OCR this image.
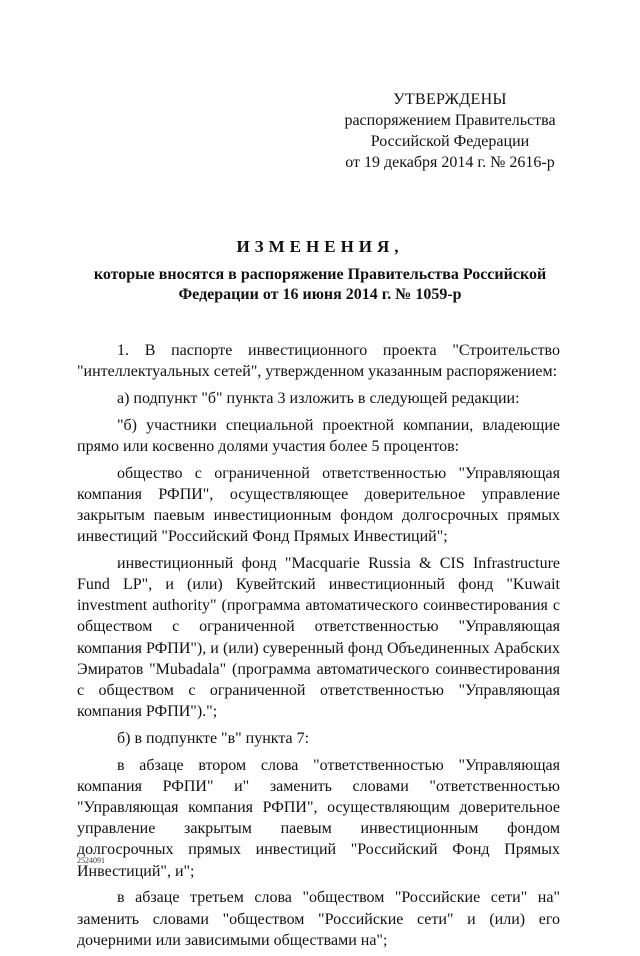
УТВЕРЖДЕНЫ
распоряжением Правительства
Российской Федерации
от 19 декабря 2014 г. № 2616-р
ИЗМЕНЕНИЯ,
которые вносятся в распоряжение Правительства Российской
Федерации от 16 июня 2014 г. № 1059-р

1. В паспорте инвестиционного проекта "Строительство "интеллектуальных сетей", утвержденном указанным распоряжением:

а) подпункт "б" пункта 3 изложить в следующей редакции:

"б) участники специальной проектной компании, владеющие прямо или косвенно долями участия более 5 процентов:

общество с ограниченной ответственностью "Управляющая компания РФПИ", осуществляющее доверительное управление закрытым паевым инвестиционным фондом долгосрочных прямых инвестиций "Российский Фонд Прямых Инвестиций";

инвестиционный фонд "Macquarie Russia & CIS Infrastructure Fund LP", и (или) Кувейтский инвестиционный фонд "Kuwait investment authority" (программа автоматического соинвестирования с обществом с ограниченной ответственностью "Управляющая компания РФПИ"), и (или) суверенный фонд Объединенных Арабских Эмиратов "Mubadala" (программа автоматического соинвестирования с обществом с ограниченной ответственностью "Управляющая компания РФПИ").";

б) в подпункте "в" пункта 7:

в абзаце втором слова "ответственностью "Управляющая компания РФПИ" и" заменить словами "ответственностью "Управляющая компания РФПИ", осуществляющим доверительное управление закрытым паевым инвестиционным фондом долгосрочных прямых инвестиций "Российский Фонд Прямых Инвестиций", и";

в абзаце третьем слова "обществом "Российские сети" на" заменить словами "обществом "Российские сети" и (или) его дочерними или зависимыми обществами на";

2524091
